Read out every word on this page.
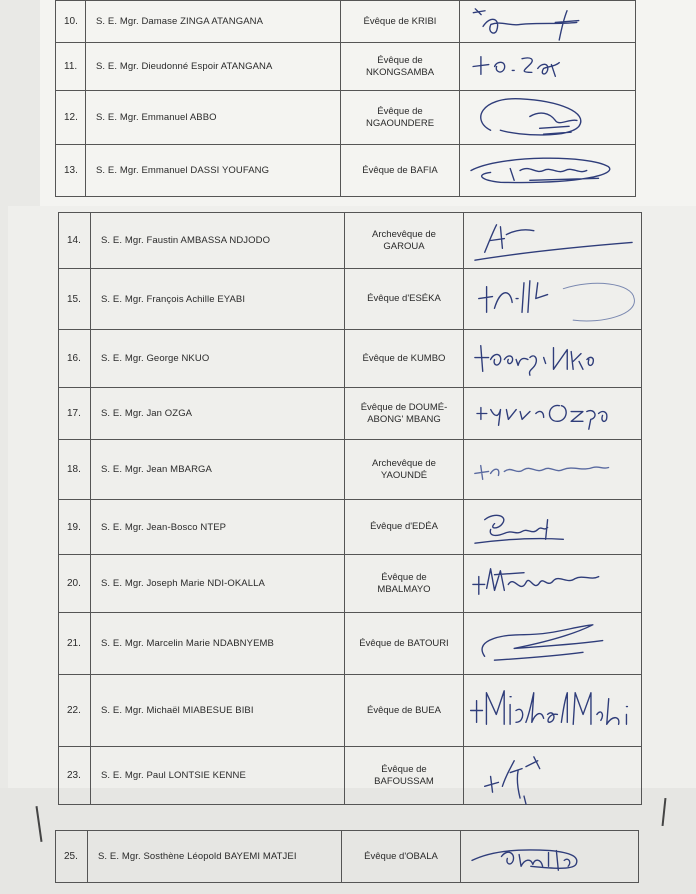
10.	S. E. Mgr. Damase ZINGA ATANGANA	Évêque de KRIBI

11.	S. E. Mgr. Dieudonné Espoir ATANGANA	Évêque de
NKONGSAMBA

12.	S. E. Mgr. Emmanuel ABBO	Évêque de
NGAOUNDERE

13.	S. E. Mgr. Emmanuel DASSI YOUFANG	Évêque de BAFIA

14.	S. E. Mgr. Faustin AMBASSA NDJODO	Archevêque de
GAROUA

15.	S. E. Mgr. François Achille EYABI	Évêque d'ESÉKA

16.	S. E. Mgr. George NKUO	Évêque de KUMBO

17.	S. E. Mgr. Jan OZGA	Évêque de DOUMÉ-
ABONG' MBANG

18.	S. E. Mgr. Jean MBARGA	Archevêque de
YAOUNDÉ

19.	S. E. Mgr. Jean-Bosco NTEP	Évêque d'EDÉA

20.	S. E. Mgr. Joseph Marie NDI-OKALLA	Évêque de
MBALMAYO

21.	S. E. Mgr. Marcelin Marie NDABNYEMB	Évêque de BATOURI

22.	S. E. Mgr. Michaël MIABESUE BIBI	Évêque de BUEA

23.	S. E. Mgr. Paul LONTSIE KENNE	Évêque de
BAFOUSSAM

25.	S. E. Mgr. Sosthène Léopold BAYEMI MATJEI	Évêque d'OBALA
